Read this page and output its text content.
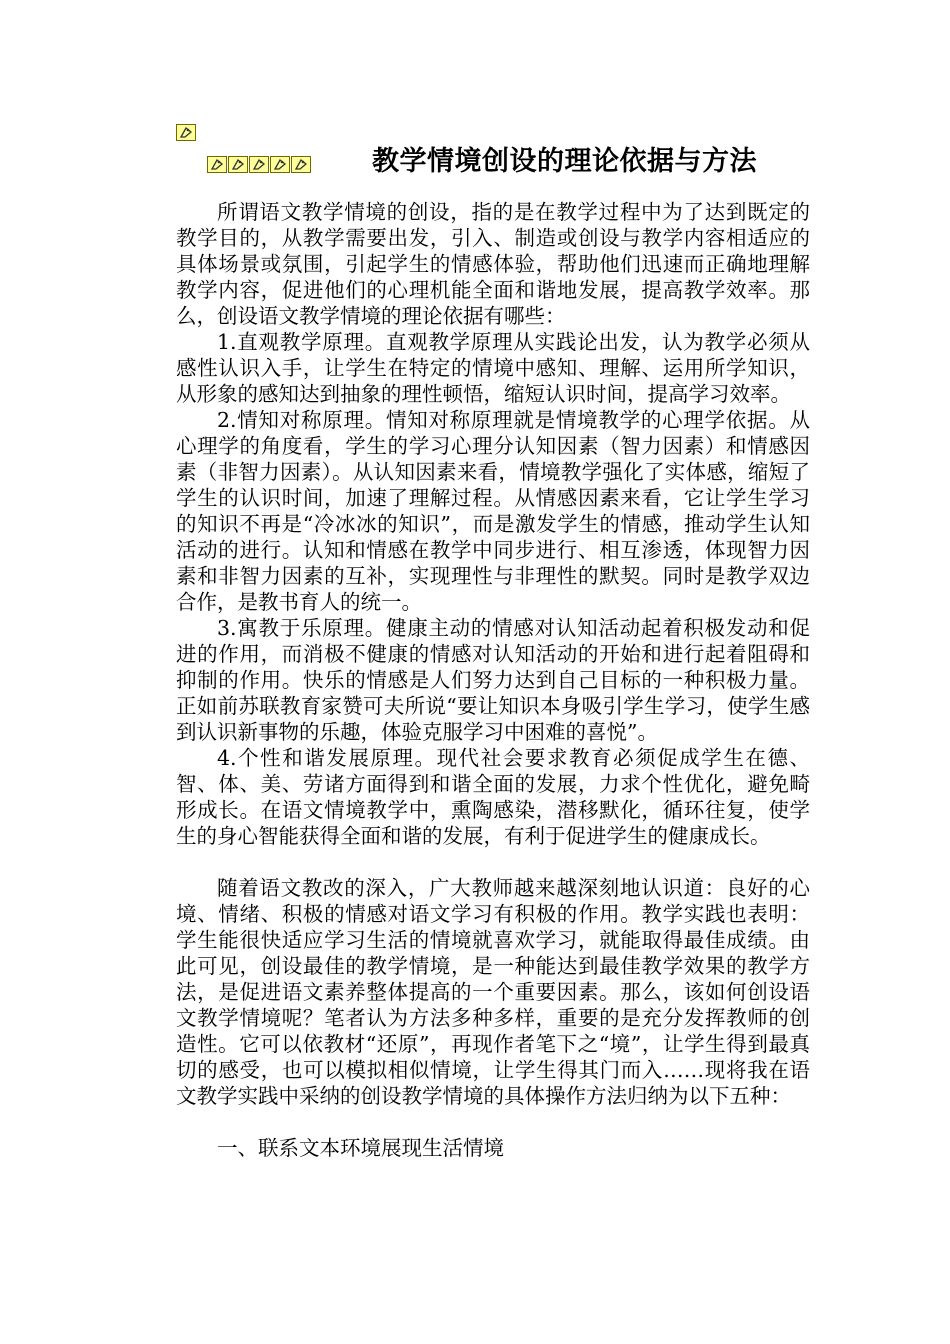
教学情境创设的理论依据与方法

所谓语文教学情境的创设，指的是在教学过程中为了达到既定的教学目的，从教学需要出发，引入、制造或创设与教学内容相适应的具体场景或氛围，引起学生的情感体验，帮助他们迅速而正确地理解教学内容，促进他们的心理机能全面和谐地发展，提高教学效率。那么，创设语文教学情境的理论依据有哪些：

1.直观教学原理。直观教学原理从实践论出发，认为教学必须从感性认识入手，让学生在特定的情境中感知、理解、运用所学知识，从形象的感知达到抽象的理性顿悟，缩短认识时间，提高学习效率。

2.情知对称原理。情知对称原理就是情境教学的心理学依据。从心理学的角度看，学生的学习心理分认知因素（智力因素）和情感因素（非智力因素）。从认知因素来看，情境教学强化了实体感，缩短了学生的认识时间，加速了理解过程。从情感因素来看，它让学生学习的知识不再是“冷冰冰的知识”，而是激发学生的情感，推动学生认知活动的进行。认知和情感在教学中同步进行、相互渗透，体现智力因素和非智力因素的互补，实现理性与非理性的默契。同时是教学双边合作，是教书育人的统一。

3.寓教于乐原理。健康主动的情感对认知活动起着积极发动和促进的作用，而消极不健康的情感对认知活动的开始和进行起着阻碍和抑制的作用。快乐的情感是人们努力达到自己目标的一种积极力量。正如前苏联教育家赞可夫所说“要让知识本身吸引学生学习，使学生感到认识新事物的乐趣，体验克服学习中困难的喜悦”。

4.个性和谐发展原理。现代社会要求教育必须促成学生在德、智、体、美、劳诸方面得到和谐全面的发展，力求个性优化，避免畸形成长。在语文情境教学中，熏陶感染，潜移默化，循环往复，使学生的身心智能获得全面和谐的发展，有利于促进学生的健康成长。

随着语文教改的深入，广大教师越来越深刻地认识道：良好的心境、情绪、积极的情感对语文学习有积极的作用。教学实践也表明：学生能很快适应学习生活的情境就喜欢学习，就能取得最佳成绩。由此可见，创设最佳的教学情境，是一种能达到最佳教学效果的教学方法，是促进语文素养整体提高的一个重要因素。那么，该如何创设语文教学情境呢？笔者认为方法多种多样，重要的是充分发挥教师的创造性。它可以依教材“还原”，再现作者笔下之“境”，让学生得到最真切的感受，也可以模拟相似情境，让学生得其门而入……现将我在语文教学实践中采纳的创设教学情境的具体操作方法归纳为以下五种：

一、联系文本环境展现生活情境
